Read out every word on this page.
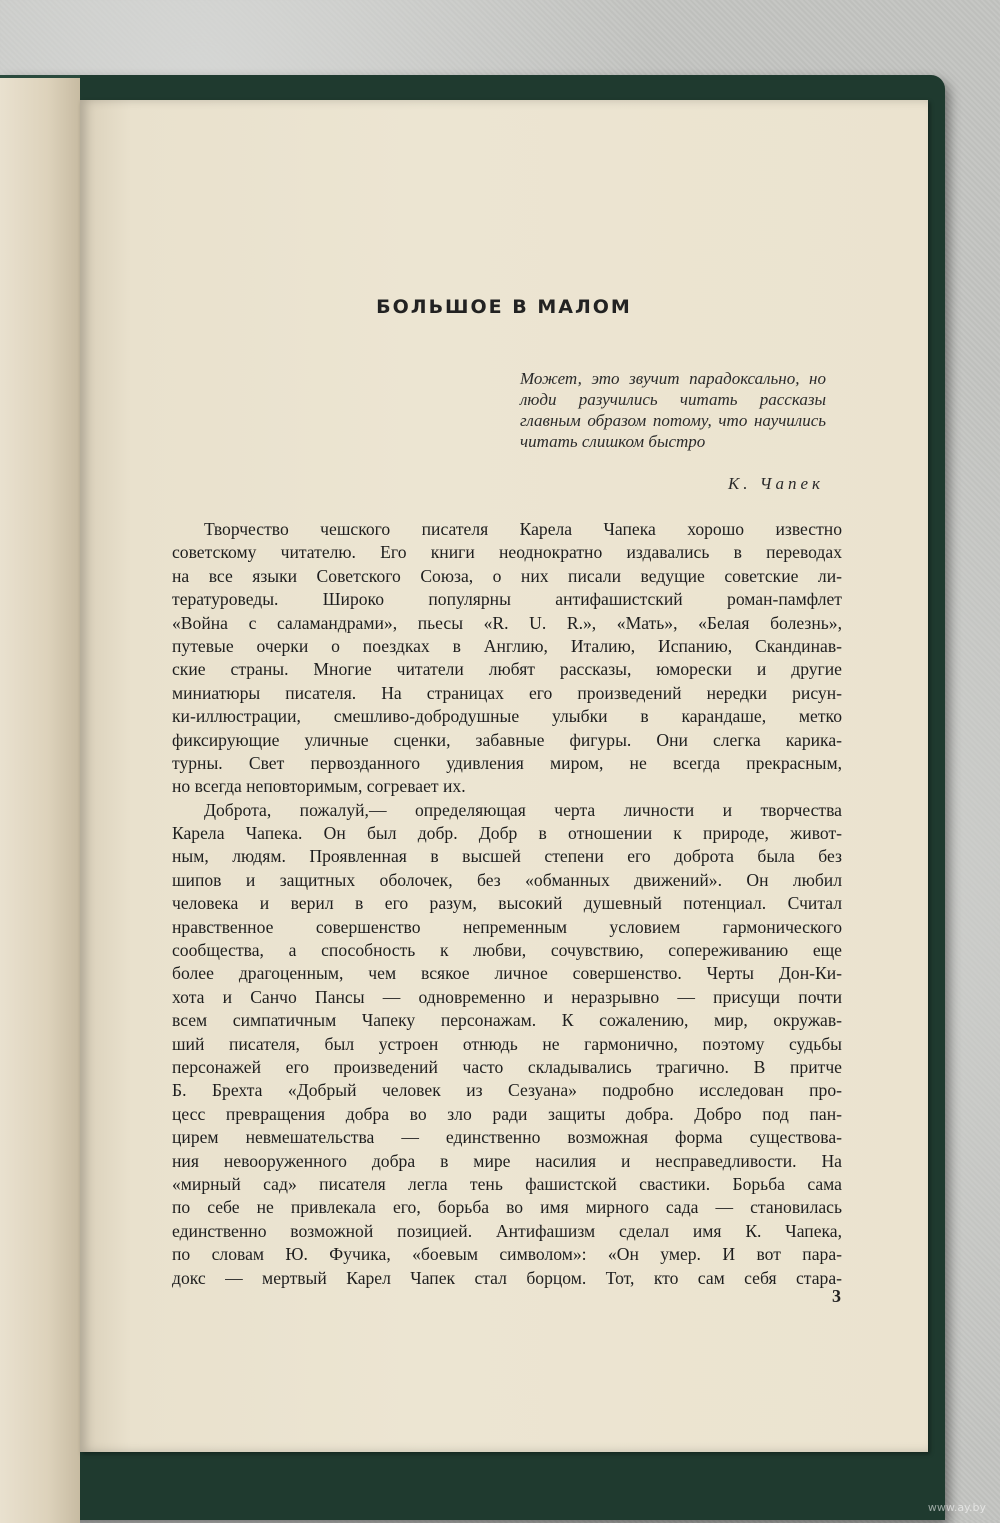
БОЛЬШОЕ В МАЛОМ
Может, это звучит парадоксально, но люди разучились читать рассказы главным образом потому, что научились читать слишком быстро
К. Чапек
Творчество чешского писателя Карела Чапека хорошо известно
советскому читателю. Его книги неоднократно издавались в переводах
на все языки Советского Союза, о них писали ведущие советские ли-
тературоведы. Широко популярны антифашистский роман-памфлет
«Война с саламандрами», пьесы «R. U. R.», «Мать», «Белая болезнь»,
путевые очерки о поездках в Англию, Италию, Испанию, Скандинав-
ские страны. Многие читатели любят рассказы, юморески и другие
миниатюры писателя. На страницах его произведений нередки рисун-
ки-иллюстрации, смешливо-добродушные улыбки в карандаше, метко
фиксирующие уличные сценки, забавные фигуры. Они слегка карика-
турны. Свет первозданного удивления миром, не всегда прекрасным,
но всегда неповторимым, согревает их.
Доброта, пожалуй,— определяющая черта личности и творчества
Карела Чапека. Он был добр. Добр в отношении к природе, живот-
ным, людям. Проявленная в высшей степени его доброта была без
шипов и защитных оболочек, без «обманных движений». Он любил
человека и верил в его разум, высокий душевный потенциал. Считал
нравственное совершенство непременным условием гармонического
сообщества, а способность к любви, сочувствию, сопереживанию еще
более драгоценным, чем всякое личное совершенство. Черты Дон-Ки-
хота и Санчо Пансы — одновременно и неразрывно — присущи почти
всем симпатичным Чапеку персонажам. К сожалению, мир, окружав-
ший писателя, был устроен отнюдь не гармонично, поэтому судьбы
персонажей его произведений часто складывались трагично. В притче
Б. Брехта «Добрый человек из Сезуана» подробно исследован про-
цесс превращения добра во зло ради защиты добра. Добро под пан-
цирем невмешательства — единственно возможная форма существова-
ния невооруженного добра в мире насилия и несправедливости. На
«мирный сад» писателя легла тень фашистской свастики. Борьба сама
по себе не привлекала его, борьба во имя мирного сада — становилась
единственно возможной позицией. Антифашизм сделал имя К. Чапека,
по словам Ю. Фучика, «боевым символом»: «Он умер. И вот пара-
докс — мертвый Карел Чапек стал борцом. Тот, кто сам себя стара-
3
www.ay.by
